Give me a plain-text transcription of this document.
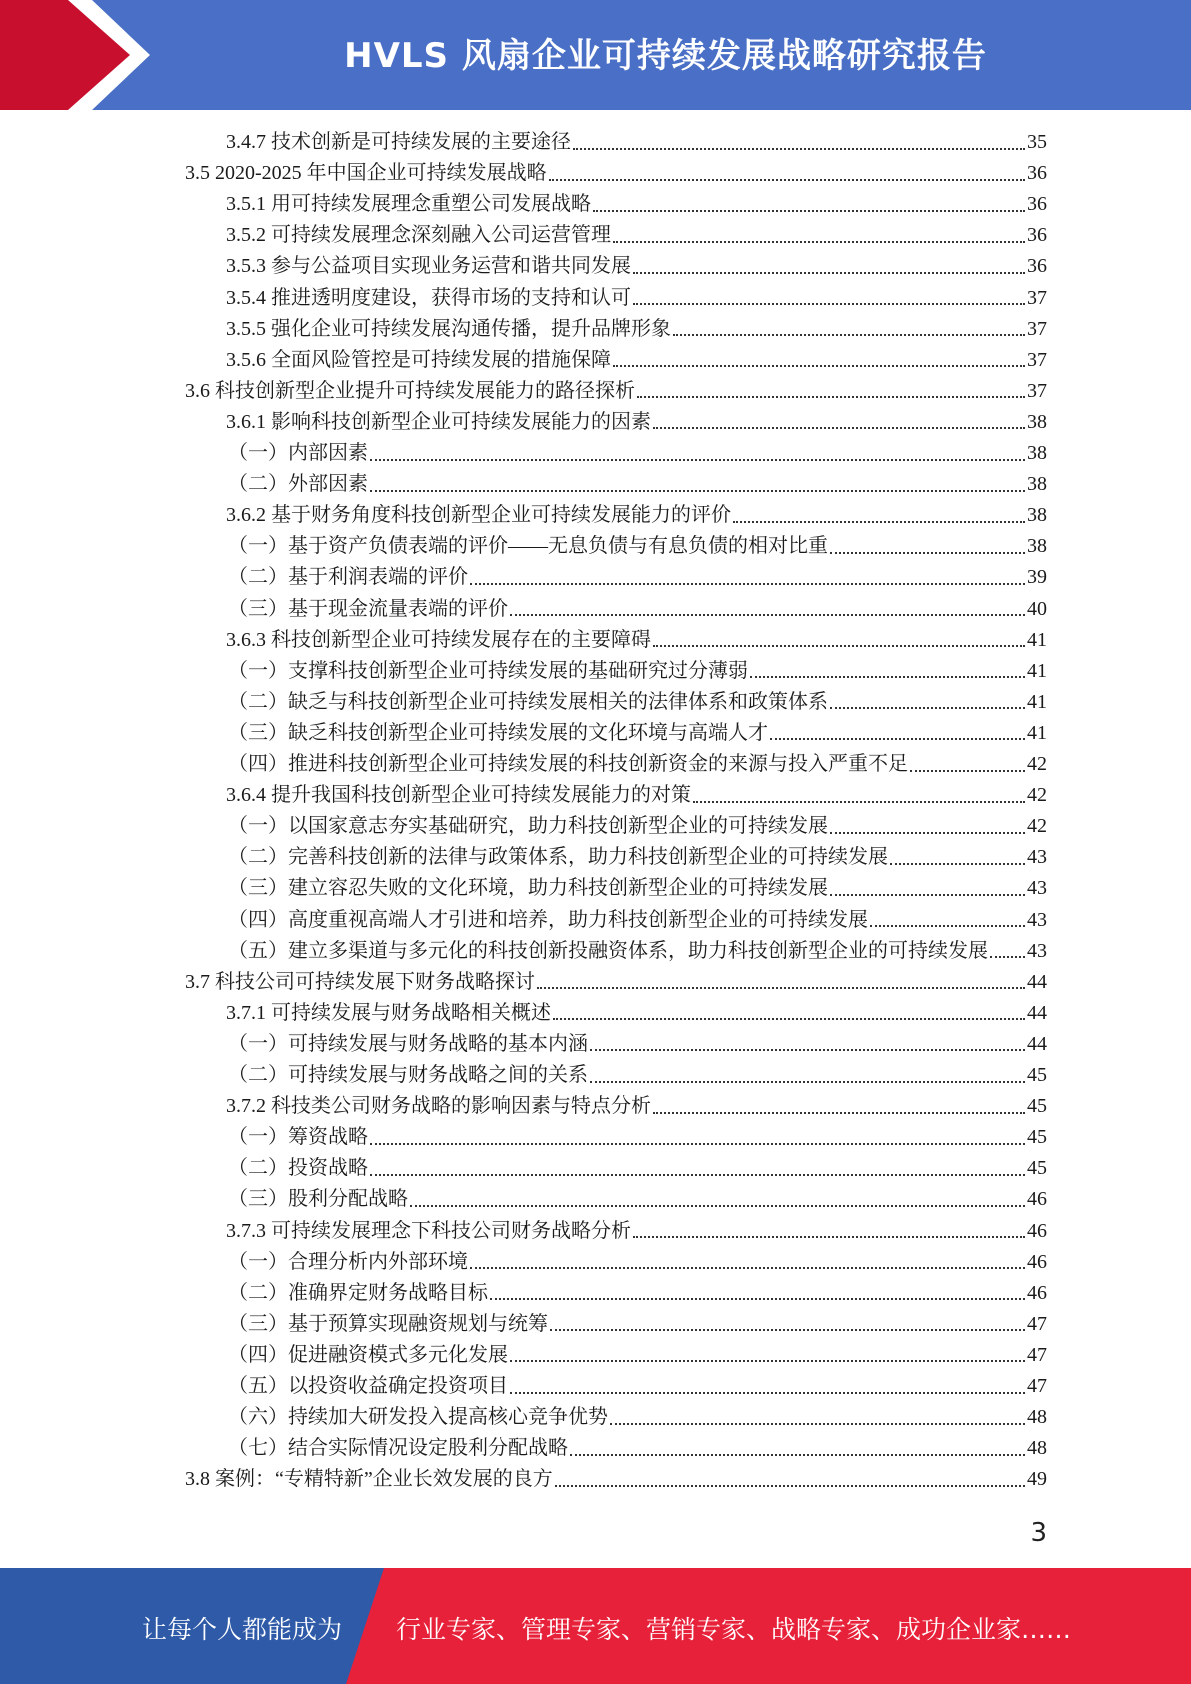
HVLS 风扇企业可持续发展战略研究报告
3.4.7 技术创新是可持续发展的主要途径	35
3.5 2020-2025 年中国企业可持续发展战略	36
3.5.1 用可持续发展理念重塑公司发展战略	36
3.5.2 可持续发展理念深刻融入公司运营管理	36
3.5.3 参与公益项目实现业务运营和谐共同发展	36
3.5.4 推进透明度建设，获得市场的支持和认可	37
3.5.5 强化企业可持续发展沟通传播，提升品牌形象	37
3.5.6 全面风险管控是可持续发展的措施保障	37
3.6 科技创新型企业提升可持续发展能力的路径探析	37
3.6.1 影响科技创新型企业可持续发展能力的因素	38
（一）内部因素	38
（二）外部因素	38
3.6.2 基于财务角度科技创新型企业可持续发展能力的评价	38
（一）基于资产负债表端的评价——无息负债与有息负债的相对比重	38
（二）基于利润表端的评价	39
（三）基于现金流量表端的评价	40
3.6.3 科技创新型企业可持续发展存在的主要障碍	41
（一）支撑科技创新型企业可持续发展的基础研究过分薄弱	41
（二）缺乏与科技创新型企业可持续发展相关的法律体系和政策体系	41
（三）缺乏科技创新型企业可持续发展的文化环境与高端人才	41
（四）推进科技创新型企业可持续发展的科技创新资金的来源与投入严重不足	42
3.6.4 提升我国科技创新型企业可持续发展能力的对策	42
（一）以国家意志夯实基础研究，助力科技创新型企业的可持续发展	42
（二）完善科技创新的法律与政策体系，助力科技创新型企业的可持续发展	43
（三）建立容忍失败的文化环境，助力科技创新型企业的可持续发展	43
（四）高度重视高端人才引进和培养，助力科技创新型企业的可持续发展	43
（五）建立多渠道与多元化的科技创新投融资体系，助力科技创新型企业的可持续发展 43
3.7 科技公司可持续发展下财务战略探讨	44
3.7.1 可持续发展与财务战略相关概述	44
（一）可持续发展与财务战略的基本内涵	44
（二）可持续发展与财务战略之间的关系	45
3.7.2 科技类公司财务战略的影响因素与特点分析	45
（一）筹资战略	45
（二）投资战略	45
（三）股利分配战略	46
3.7.3 可持续发展理念下科技公司财务战略分析	46
（一）合理分析内外部环境	46
（二）准确界定财务战略目标	46
（三）基于预算实现融资规划与统筹	47
（四）促进融资模式多元化发展	47
（五）以投资收益确定投资项目	47
（六）持续加大研发投入提高核心竞争优势	48
（七）结合实际情况设定股利分配战略	48
3.8 案例：“专精特新”企业长效发展的良方	49
3
让每个人都能成为 行业专家、管理专家、营销专家、战略专家、成功企业家……
